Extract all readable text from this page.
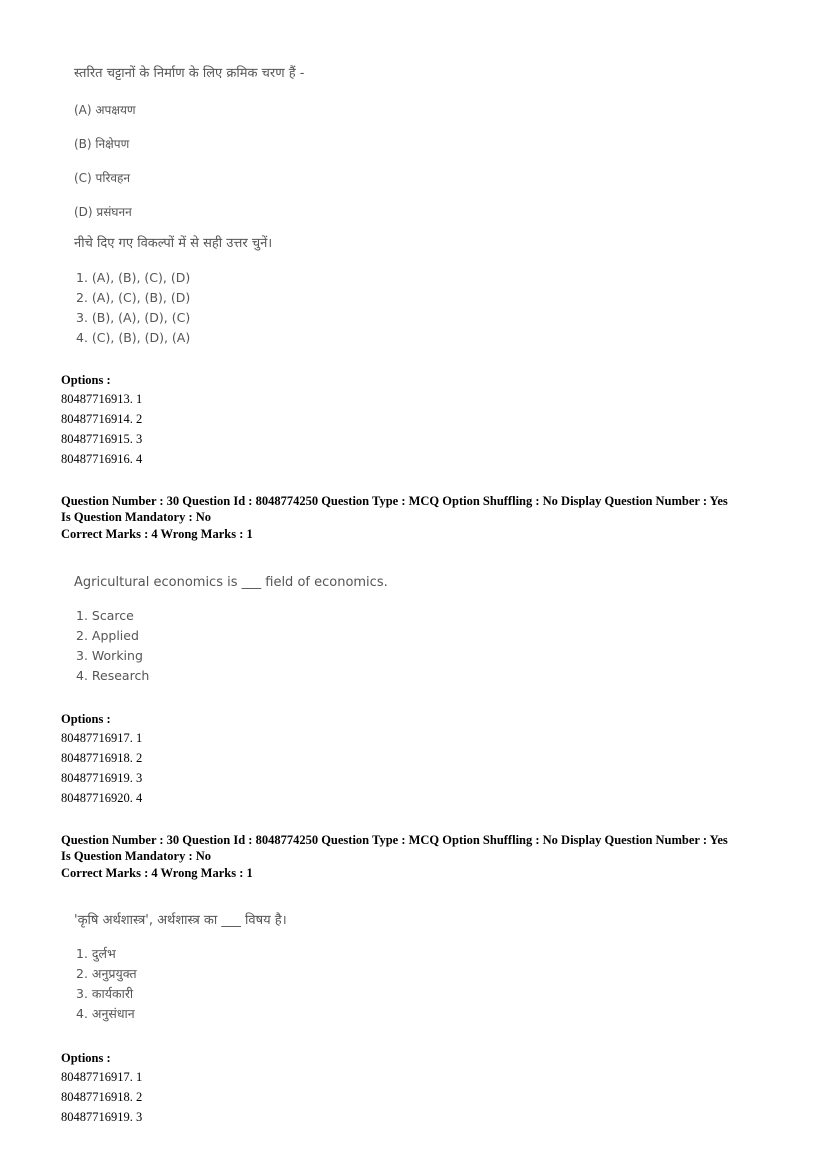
स्तरित चट्टानों के निर्माण के लिए क्रमिक चरण हैं -
(A) अपक्षयण
(B) निक्षेपण
(C) परिवहन
(D) प्रसंघनन
नीचे दिए गए विकल्पों में से सही उत्तर चुनें।
1. (A), (B), (C), (D)
2. (A), (C), (B), (D)
3. (B), (A), (D), (C)
4. (C), (B), (D), (A)
Options :
80487716913. 1
80487716914. 2
80487716915. 3
80487716916. 4
Question Number : 30 Question Id : 8048774250 Question Type : MCQ Option Shuffling : No Display Question Number : Yes
Is Question Mandatory : No
Correct Marks : 4 Wrong Marks : 1
Agricultural economics is ___ field of economics.
1. Scarce
2. Applied
3. Working
4. Research
Options :
80487716917. 1
80487716918. 2
80487716919. 3
80487716920. 4
Question Number : 30 Question Id : 8048774250 Question Type : MCQ Option Shuffling : No Display Question Number : Yes
Is Question Mandatory : No
Correct Marks : 4 Wrong Marks : 1
'कृषि अर्थशास्त्र', अर्थशास्त्र का ___ विषय है।
1. दुर्लभ
2. अनुप्रयुक्त
3. कार्यकारी
4. अनुसंधान
Options :
80487716917. 1
80487716918. 2
80487716919. 3
